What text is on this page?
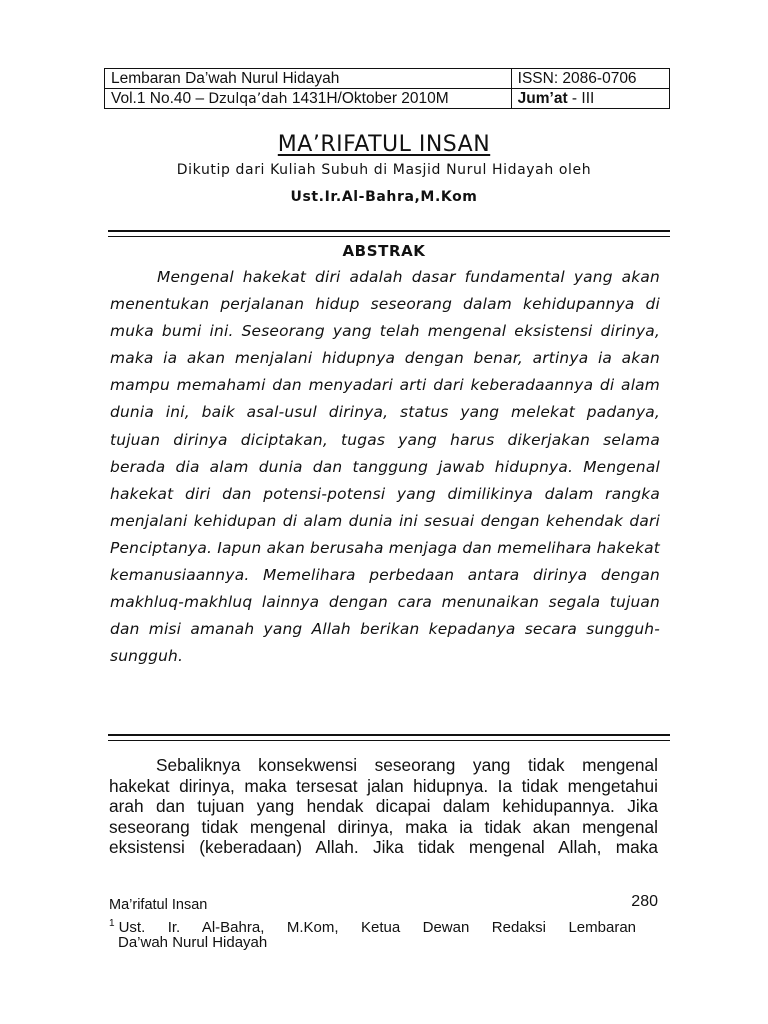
Lembaran Da’wah Nurul Hidayah	ISSN: 2086-0706
Vol.1 No.40 – Dzulqa’dah 1431H/Oktober 2010M	Jum’at - III
MA’RIFATUL INSAN
Dikutip dari Kuliah Subuh di Masjid Nurul Hidayah oleh
Ust.Ir.Al-Bahra,M.Kom
ABSTRAK

Mengenal hakekat diri adalah dasar fundamental yang akan menentukan perjalanan hidup seseorang dalam kehidupannya di muka bumi ini. Seseorang yang telah mengenal eksistensi dirinya, maka ia akan menjalani hidupnya dengan benar, artinya ia akan mampu memahami dan menyadari arti dari keberadaannya di alam dunia ini, baik asal-usul dirinya, status yang melekat padanya, tujuan dirinya diciptakan, tugas yang harus dikerjakan selama berada dia alam dunia dan tanggung jawab hidupnya. Mengenal hakekat diri dan potensi-potensi yang dimilikinya dalam rangka menjalani kehidupan di alam dunia ini sesuai dengan kehendak dari Penciptanya. Iapun akan berusaha menjaga dan memelihara hakekat kemanusiaannya. Memelihara perbedaan antara dirinya dengan makhluq-makhluq lainnya dengan cara menunaikan segala tujuan dan misi amanah yang Allah berikan kepadanya secara sungguh-sungguh.

Sebaliknya konsekwensi seseorang yang tidak mengenal hakekat dirinya, maka tersesat jalan hidupnya. Ia tidak mengetahui arah dan tujuan yang hendak dicapai dalam kehidupannya. Jika seseorang tidak mengenal dirinya, maka ia tidak akan mengenal eksistensi (keberadaan) Allah. Jika tidak mengenal Allah, maka

Ma’rifatul Insan	280
$^1$ Ust. Ir. Al-Bahra, M.Kom, Ketua Dewan Redaksi Lembaran
Da’wah Nurul Hidayah
